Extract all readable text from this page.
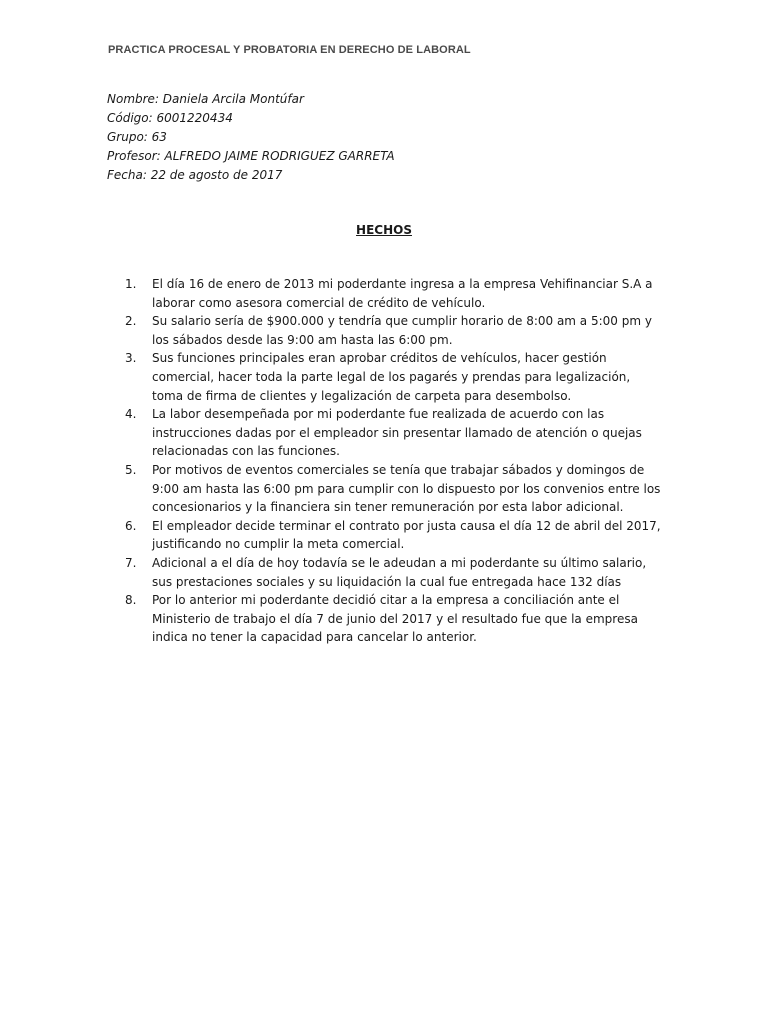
PRACTICA PROCESAL Y PROBATORIA EN DERECHO DE LABORAL
Nombre: Daniela Arcila Montúfar
Código: 6001220434
Grupo: 63
Profesor: ALFREDO JAIME RODRIGUEZ GARRETA
Fecha: 22 de agosto de 2017
HECHOS
1.	El día 16 de enero de 2013 mi poderdante ingresa a la empresa Vehifinanciar S.A a laborar como asesora comercial de crédito de vehículo.
2.	Su salario sería de $900.000 y tendría que cumplir horario de 8:00 am a 5:00 pm y los sábados desde las 9:00 am hasta las 6:00 pm.
3.	Sus funciones principales eran aprobar créditos de vehículos, hacer gestión comercial, hacer toda la parte legal de los pagarés y prendas para legalización, toma de firma de clientes y legalización de carpeta para desembolso.
4.	La labor desempeñada por mi poderdante fue realizada de acuerdo con las instrucciones dadas por el empleador sin presentar llamado de atención o quejas relacionadas con las funciones.
5.	Por motivos de eventos comerciales se tenía que trabajar sábados y domingos de 9:00 am hasta las 6:00 pm para cumplir con lo dispuesto por los convenios entre los concesionarios y la financiera sin tener remuneración por esta labor adicional.
6.	El empleador decide terminar el contrato por justa causa el día 12 de abril del 2017, justificando no cumplir la meta comercial.
7.	Adicional a el día de hoy todavía se le adeudan a mi poderdante su último salario, sus prestaciones sociales y su liquidación la cual fue entregada hace 132 días
8.	Por lo anterior mi poderdante decidió citar a la empresa a conciliación ante el Ministerio de trabajo el día 7 de junio del 2017 y el resultado fue que la empresa indica no tener la capacidad para cancelar lo anterior.
